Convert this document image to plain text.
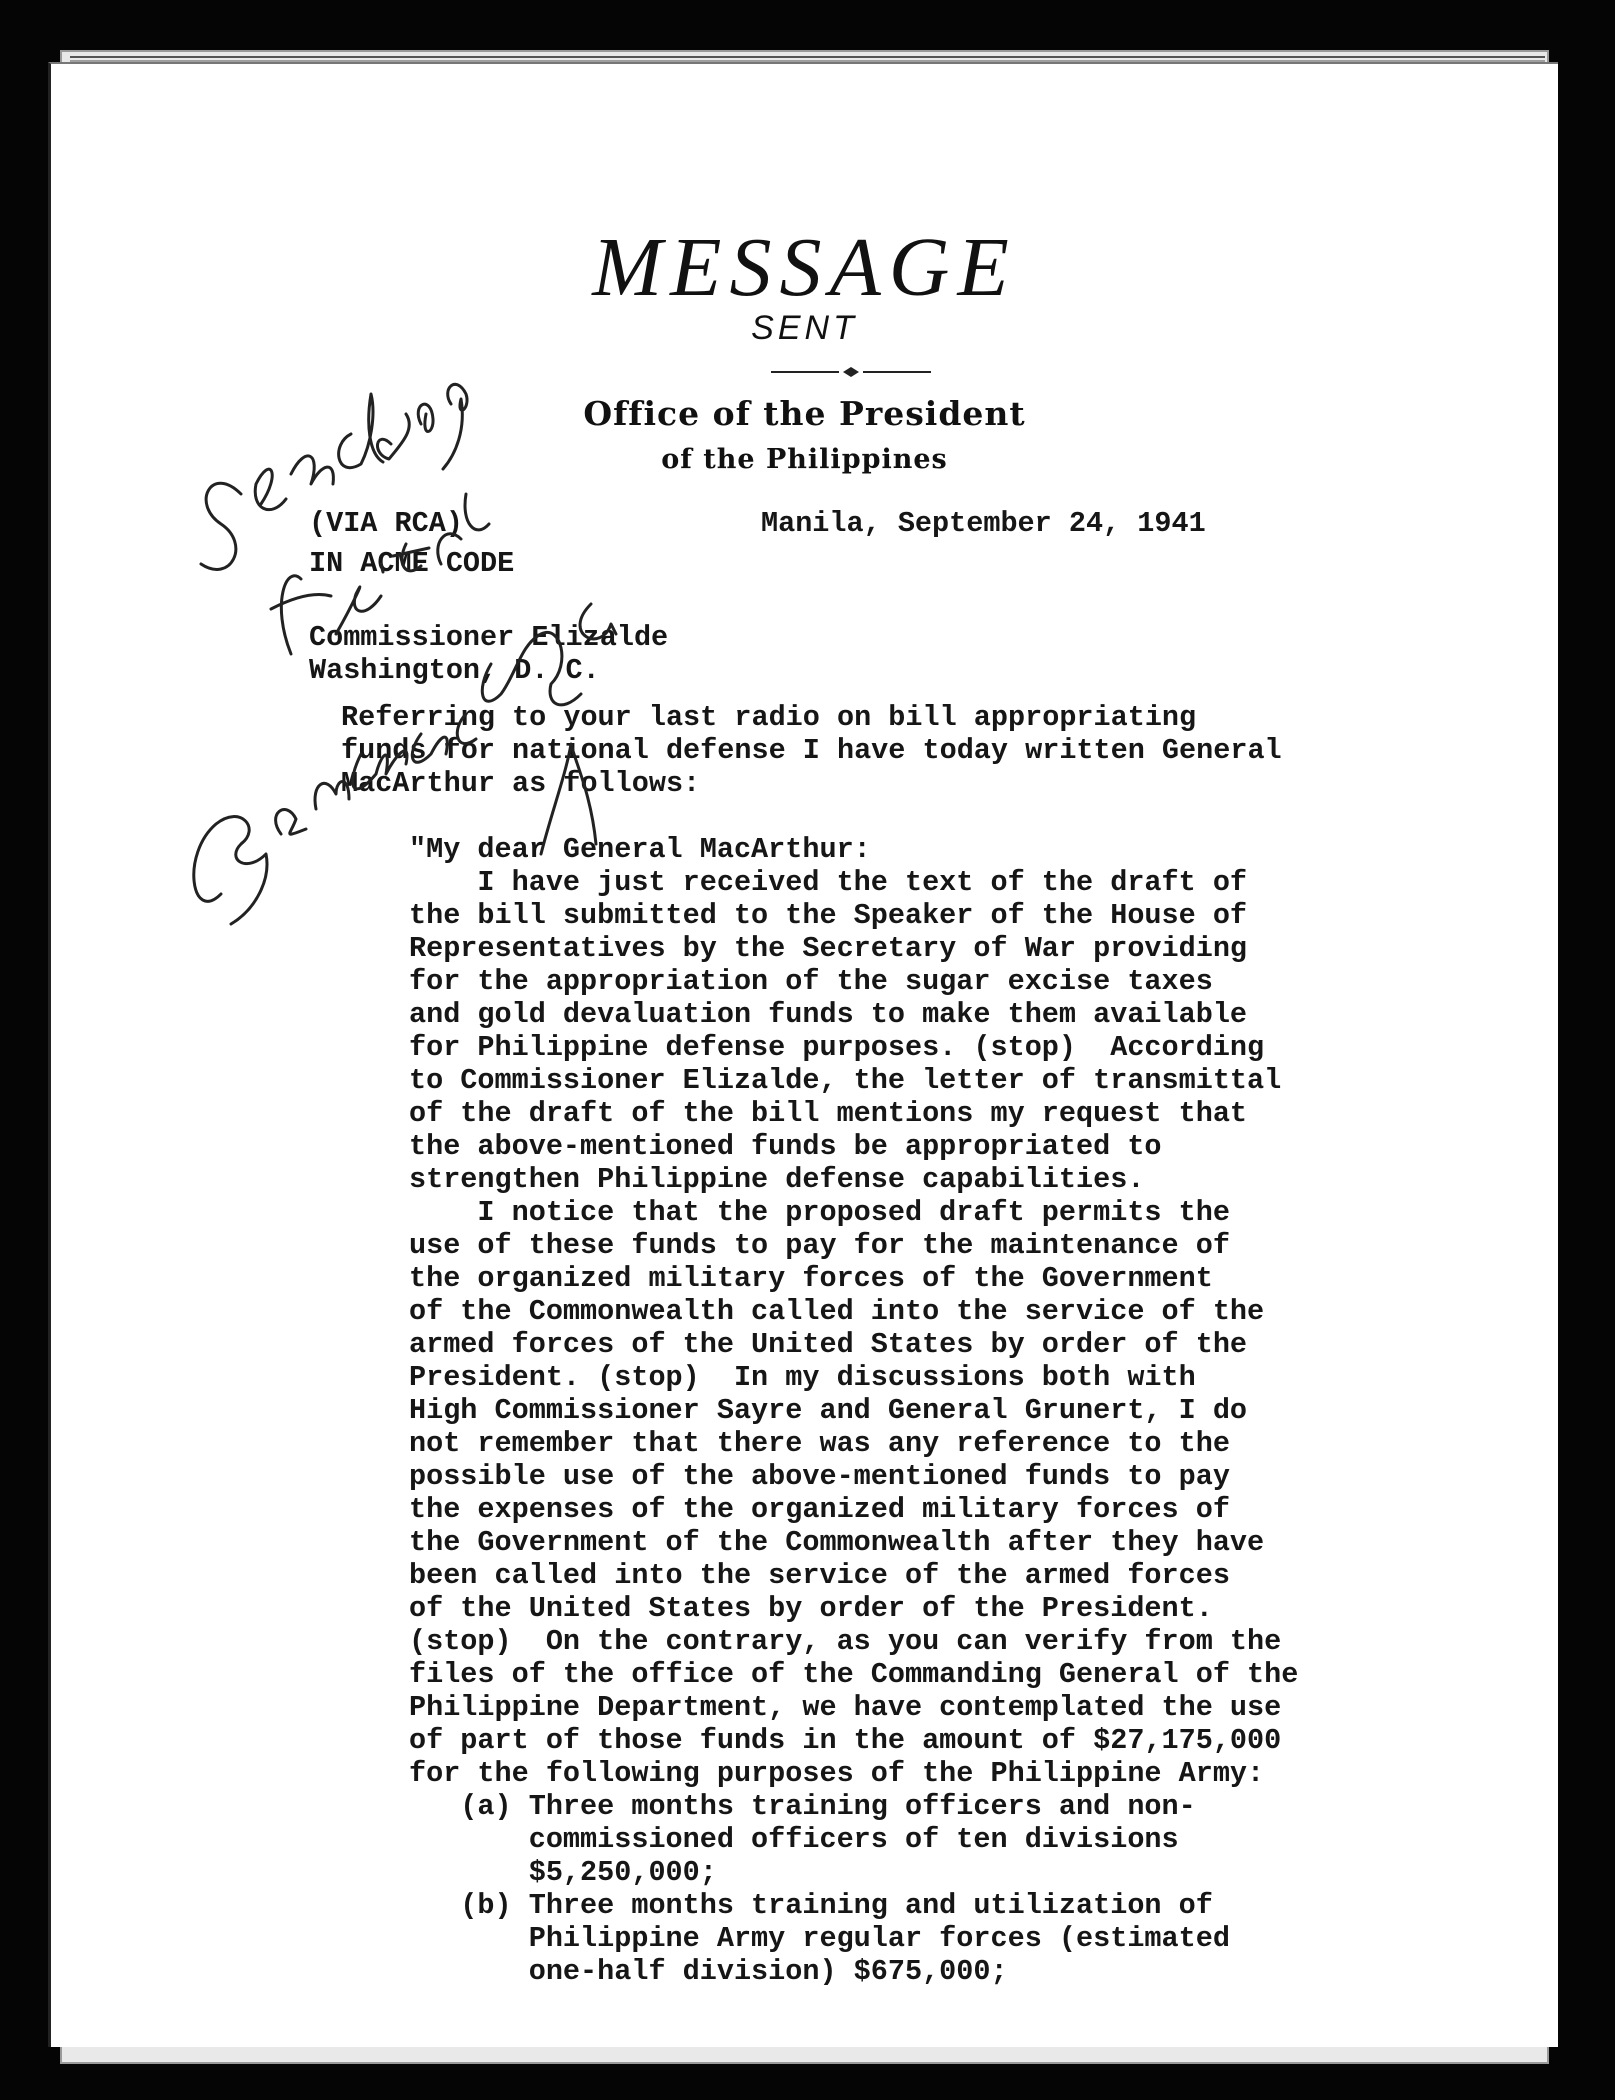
MESSAGE
SENT
Office of the President
of the Philippines
(VIA RCA)
IN ACME CODE
Manila, September 24, 1941
Commissioner Elizalde
Washington, D. C.
Referring to your last radio on bill appropriating
funds for national defense I have today written General
MacArthur as follows:
"My dear General MacArthur:
I have just received the text of the draft of
the bill submitted to the Speaker of the House of
Representatives by the Secretary of War providing
for the appropriation of the sugar excise taxes
and gold devaluation funds to make them available
for Philippine defense purposes. (stop)  According
to Commissioner Elizalde, the letter of transmittal
of the draft of the bill mentions my request that
the above-mentioned funds be appropriated to
strengthen Philippine defense capabilities.
I notice that the proposed draft permits the
use of these funds to pay for the maintenance of
the organized military forces of the Government
of the Commonwealth called into the service of the
armed forces of the United States by order of the
President. (stop)  In my discussions both with
High Commissioner Sayre and General Grunert, I do
not remember that there was any reference to the
possible use of the above-mentioned funds to pay
the expenses of the organized military forces of
the Government of the Commonwealth after they have
been called into the service of the armed forces
of the United States by order of the President.
(stop)  On the contrary, as you can verify from the
files of the office of the Commanding General of the
Philippine Department, we have contemplated the use
of part of those funds in the amount of $27,175,000
for the following purposes of the Philippine Army:
(a) Three months training officers and non-
commissioned officers of ten divisions
$5,250,000;
(b) Three months training and utilization of
Philippine Army regular forces (estimated
one-half division) $675,000;
